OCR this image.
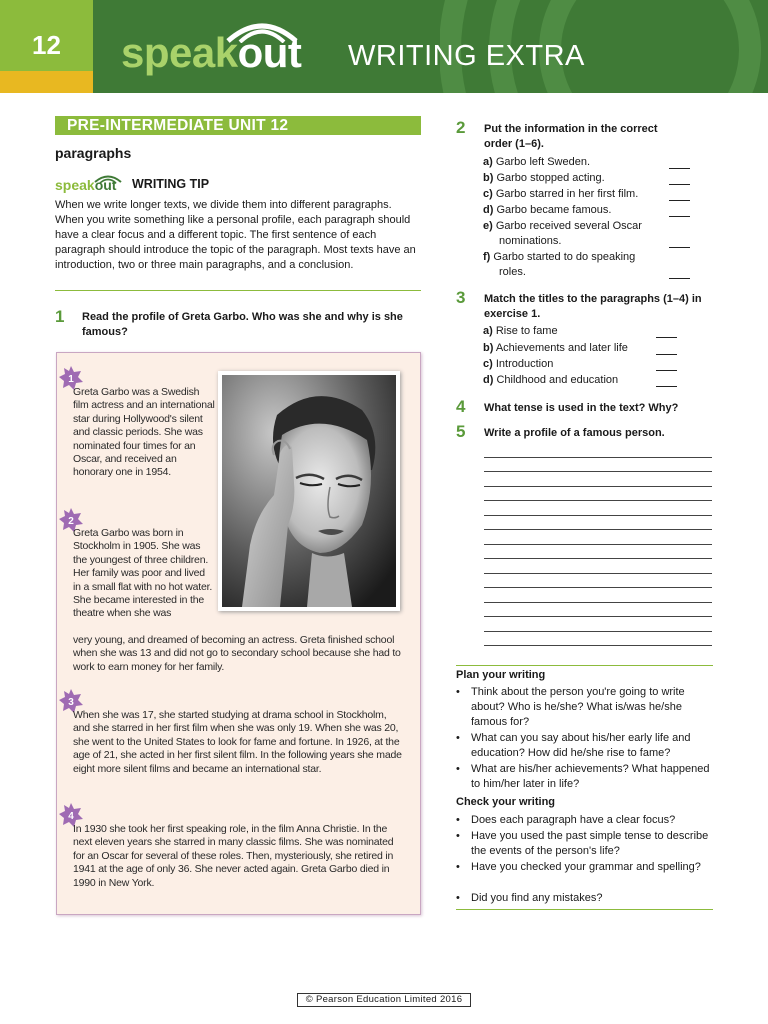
12	speakout WRITING EXTRA
PRE-INTERMEDIATE UNIT 12
paragraphs
speakout WRITING TIP
When we write longer texts, we divide them into different paragraphs. When you write something like a personal profile, each paragraph should have a clear focus and a different topic. The first sentence of each paragraph should introduce the topic of the paragraph. Most texts have an introduction, two or three main paragraphs, and a conclusion.
1 Read the profile of Greta Garbo. Who was she and why is she famous?
1
2
3
4
Greta Garbo was a Swedish film actress and an international star during Hollywood's silent and classic periods. She was nominated four times for an Oscar, and received an honorary one in 1954.
Greta Garbo was born in Stockholm in 1905. She was the youngest of three children. Her family was poor and lived in a small flat with no hot water. She became interested in the theatre when she was
very young, and dreamed of becoming an actress. Greta finished school when she was 13 and did not go to secondary school because she had to work to earn money for her family.
When she was 17, she started studying at drama school in Stockholm, and she starred in her first film when she was only 19. When she was 20, she went to the United States to look for fame and fortune. In 1926, at the age of 21, she acted in her first silent film. In the following years she made eight more silent films and became an international star.
In 1930 she took her first speaking role, in the film Anna Christie. In the next eleven years she starred in many classic films. She was nominated for an Oscar for several of these roles. Then, mysteriously, she retired in 1941 at the age of only 36. She never acted again. Greta Garbo died in 1990 in New York.
2 Put the information in the correct order (1–6).
a) Garbo left Sweden.
b) Garbo stopped acting.
c) Garbo starred in her first film.
d) Garbo became famous.
e) Garbo received several Oscar nominations.
f) Garbo started to do speaking roles.
3 Match the titles to the paragraphs (1–4) in exercise 1.
a) Rise to fame
b) Achievements and later life
c) Introduction
d) Childhood and education
4 What tense is used in the text? Why?
5 Write a profile of a famous person.
Plan your writing
• Think about the person you're going to write about? Who is he/she? What is/was he/she famous for?
• What can you say about his/her early life and education? How did he/she rise to fame?
• What are his/her achievements? What happened to him/her later in life?
Check your writing
• Does each paragraph have a clear focus?
• Have you used the past simple tense to describe the events of the person's life?
• Have you checked your grammar and spelling?
• Did you find any mistakes?
© Pearson Education Limited 2016
